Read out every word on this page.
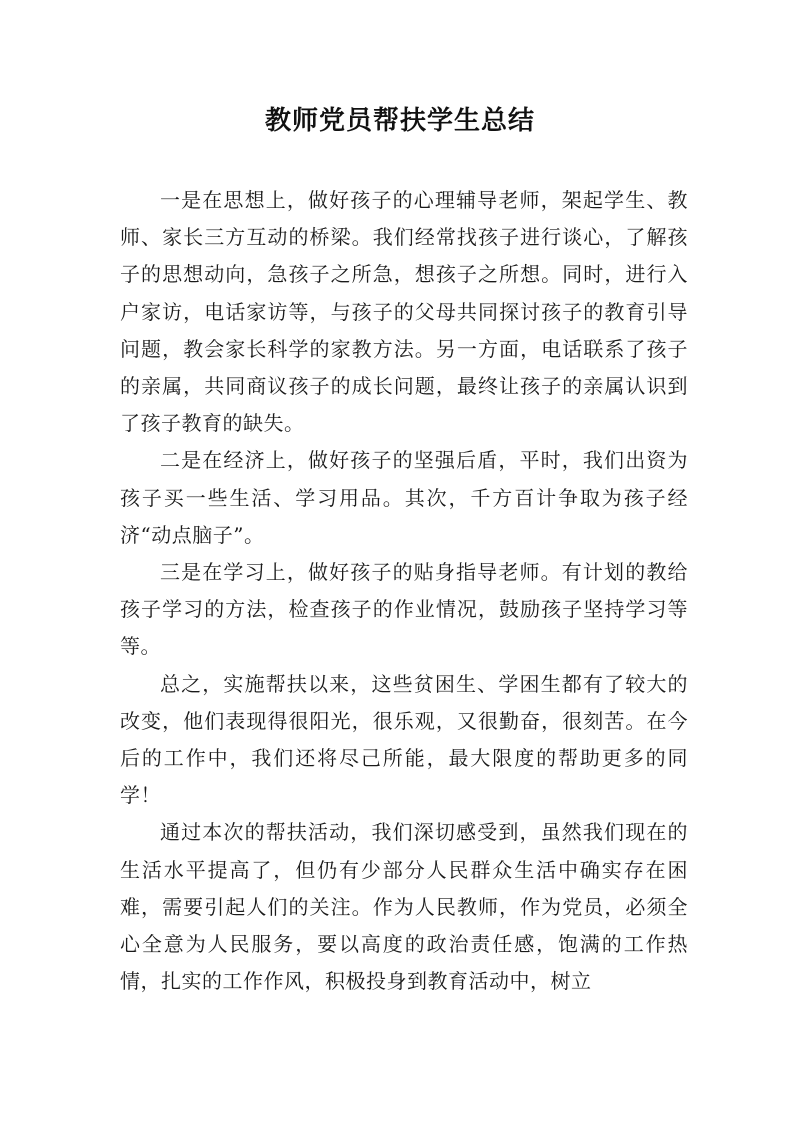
教师党员帮扶学生总结

一是在思想上，做好孩子的心理辅导老师，架起学生、教师、家长三方互动的桥梁。我们经常找孩子进行谈心，了解孩子的思想动向，急孩子之所急，想孩子之所想。同时，进行入户家访，电话家访等，与孩子的父母共同探讨孩子的教育引导问题，教会家长科学的家教方法。另一方面，电话联系了孩子的亲属，共同商议孩子的成长问题，最终让孩子的亲属认识到了孩子教育的缺失。

二是在经济上，做好孩子的坚强后盾，平时，我们出资为孩子买一些生活、学习用品。其次，千方百计争取为孩子经济“动点脑子”。

三是在学习上，做好孩子的贴身指导老师。有计划的教给孩子学习的方法，检查孩子的作业情况，鼓励孩子坚持学习等等。

总之，实施帮扶以来，这些贫困生、学困生都有了较大的改变，他们表现得很阳光，很乐观，又很勤奋，很刻苦。在今后的工作中，我们还将尽己所能，最大限度的帮助更多的同学！

通过本次的帮扶活动，我们深切感受到，虽然我们现在的生活水平提高了，但仍有少部分人民群众生活中确实存在困难，需要引起人们的关注。作为人民教师，作为党员，必须全心全意为人民服务，要以高度的政治责任感，饱满的工作热情，扎实的工作作风，积极投身到教育活动中，树立
